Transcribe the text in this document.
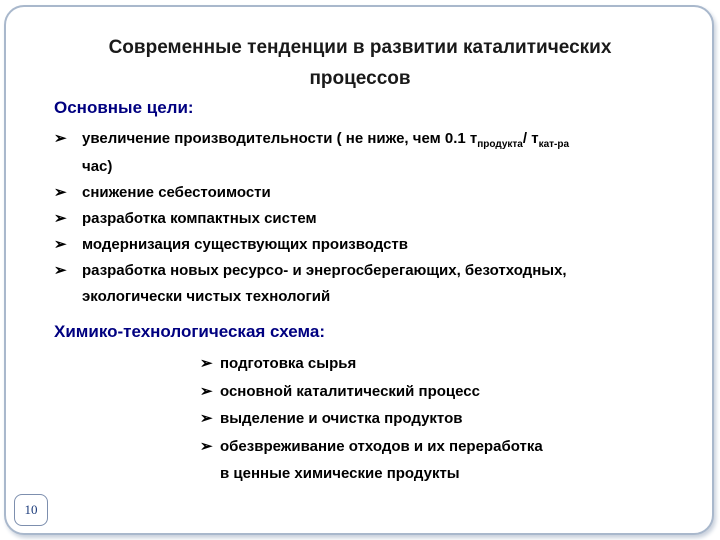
Современные тенденции в развитии каталитических
процессов
Основные цели:
➢ увеличение производительности ( не ниже, чем 0.1 $т_{продукта}/$ $т_{кат-ра}$
час)
➢ снижение себестоимости
➢ разработка компактных систем
➢ модернизация существующих производств
➢ разработка новых ресурсо- и энергосберегающих, безотходных,
экологически чистых технологий
Химико-технологическая схема:
➢ подготовка сырья
➢ основной каталитический процесс
➢ выделение и очистка продуктов
➢ обезвреживание отходов и их переработка
в ценные химические продукты
10
